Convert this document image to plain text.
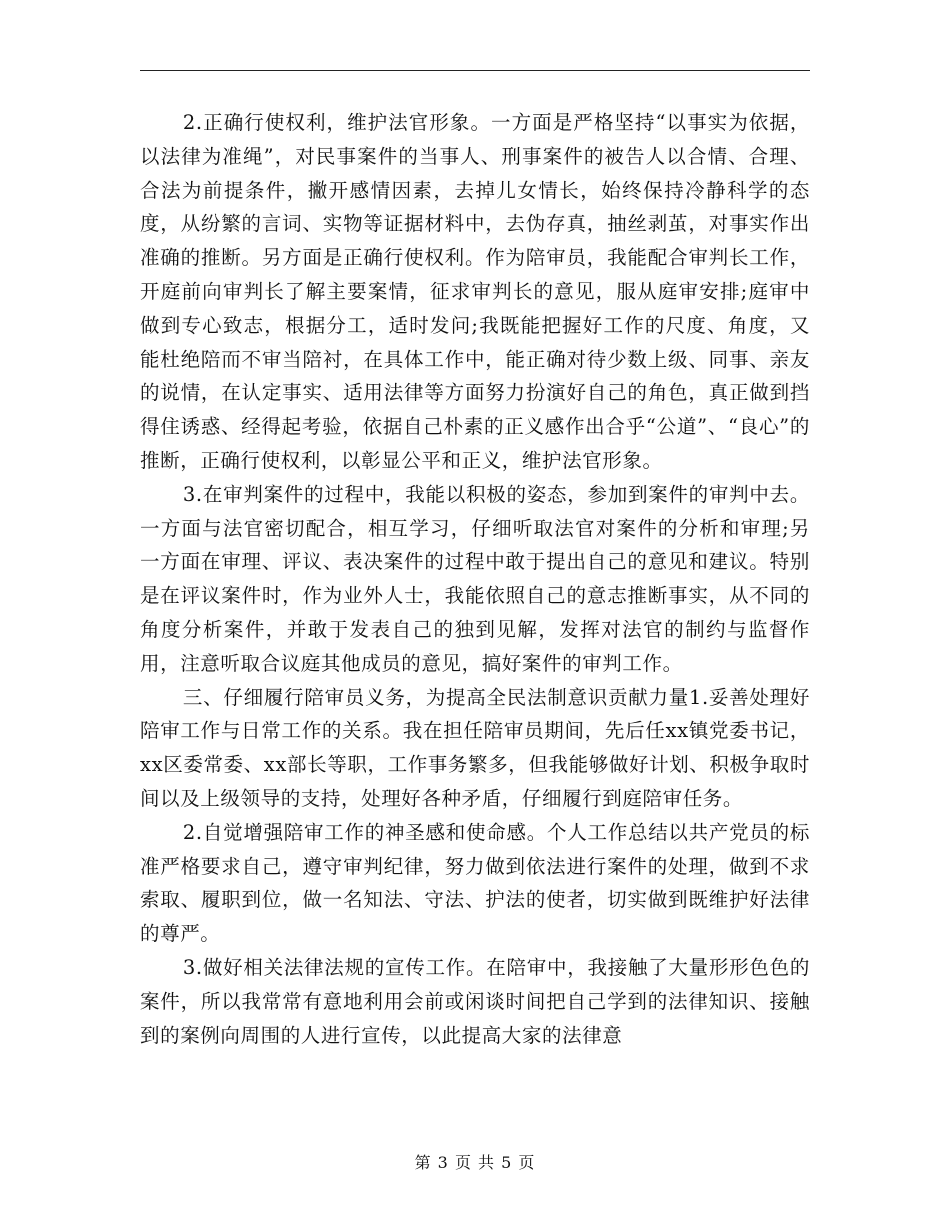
2.正确行使权利，维护法官形象。一方面是严格坚持“以事实为依据，以法律为准绳”，对民事案件的当事人、刑事案件的被告人以合情、合理、合法为前提条件，撇开感情因素，去掉儿女情长，始终保持冷静科学的态度，从纷繁的言词、实物等证据材料中，去伪存真，抽丝剥茧，对事实作出准确的推断。另方面是正确行使权利。作为陪审员，我能配合审判长工作，开庭前向审判长了解主要案情，征求审判长的意见，服从庭审安排;庭审中做到专心致志，根据分工，适时发问;我既能把握好工作的尺度、角度，又能杜绝陪而不审当陪衬，在具体工作中，能正确对待少数上级、同事、亲友的说情，在认定事实、适用法律等方面努力扮演好自己的角色，真正做到挡得住诱惑、经得起考验，依据自己朴素的正义感作出合乎“公道”、“良心”的推断，正确行使权利，以彰显公平和正义，维护法官形象。

3.在审判案件的过程中，我能以积极的姿态，参加到案件的审判中去。一方面与法官密切配合，相互学习，仔细听取法官对案件的分析和审理;另一方面在审理、评议、表决案件的过程中敢于提出自己的意见和建议。特别是在评议案件时，作为业外人士，我能依照自己的意志推断事实，从不同的角度分析案件，并敢于发表自己的独到见解，发挥对法官的制约与监督作用，注意听取合议庭其他成员的意见，搞好案件的审判工作。

三、仔细履行陪审员义务，为提高全民法制意识贡献力量1.妥善处理好陪审工作与日常工作的关系。我在担任陪审员期间，先后任xx镇党委书记，xx区委常委、xx部长等职，工作事务繁多，但我能够做好计划、积极争取时间以及上级领导的支持，处理好各种矛盾，仔细履行到庭陪审任务。

2.自觉增强陪审工作的神圣感和使命感。个人工作总结以共产党员的标准严格要求自己，遵守审判纪律，努力做到依法进行案件的处理，做到不求索取、履职到位，做一名知法、守法、护法的使者，切实做到既维护好法律的尊严。

3.做好相关法律法规的宣传工作。在陪审中，我接触了大量形形色色的案件，所以我常常有意地利用会前或闲谈时间把自己学到的法律知识、接触到的案例向周围的人进行宣传，以此提高大家的法律意

第 3 页 共 5 页
